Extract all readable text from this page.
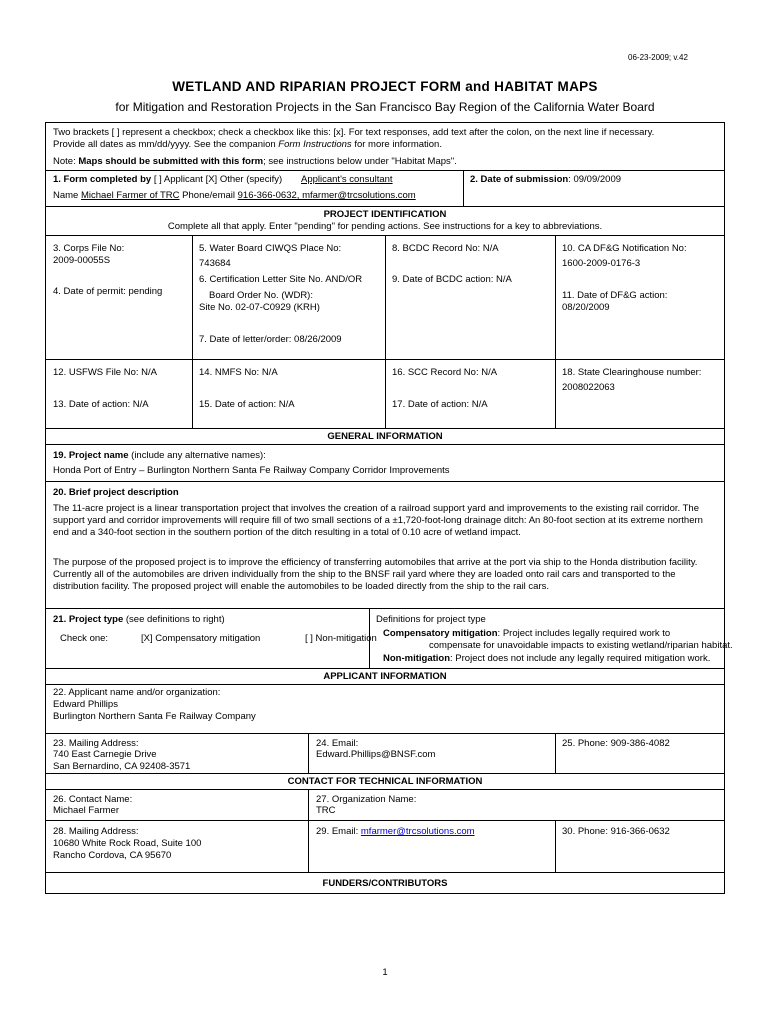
06-23-2009; v.42
WETLAND AND RIPARIAN PROJECT FORM and HABITAT MAPS
for Mitigation and Restoration Projects in the San Francisco Bay Region of the California Water Board
Two brackets [ ] represent a checkbox; check a checkbox like this: [x]. For text responses, add text after the colon, on the next line if necessary.
Provide all dates as mm/dd/yyyy. See the companion Form Instructions for more information.
Note: Maps should be submitted with this form; see instructions below under "Habitat Maps".
1. Form completed by [ ] Applicant [X] Other (specify) Applicant's consultant
Name Michael Farmer of TRC Phone/email 916-366-0632, mfarmer@trcsolutions.com
2. Date of submission: 09/09/2009
PROJECT IDENTIFICATION
Complete all that apply. Enter "pending" for pending actions. See instructions for a key to abbreviations.
3. Corps File No:
2009-00055S
4. Date of permit: pending
5. Water Board CIWQS Place No:
743684
6. Certification Letter Site No. AND/OR
Board Order No. (WDR):
Site No. 02-07-C0929 (KRH)
7. Date of letter/order: 08/26/2009
8. BCDC Record No: N/A
9. Date of BCDC action: N/A
10. CA DF&G Notification No:
1600-2009-0176-3
11. Date of DF&G action:
08/20/2009
12. USFWS File No: N/A
13. Date of action: N/A
14. NMFS No: N/A
15. Date of action: N/A
16. SCC Record No: N/A
17. Date of action: N/A
18. State Clearinghouse number:
2008022063
GENERAL INFORMATION
19. Project name (include any alternative names):
Honda Port of Entry – Burlington Northern Santa Fe Railway Company Corridor Improvements
20. Brief project description
The 11-acre project is a linear transportation project that involves the creation of a railroad support yard and improvements to the existing rail corridor. The support yard and corridor improvements will require fill of two small sections of a ±1,720-foot-long drainage ditch: An 80-foot section at its extreme northern end and a 340-foot section in the southern portion of the ditch resulting in a total of 0.10 acre of wetland impact.
The purpose of the proposed project is to improve the efficiency of transferring automobiles that arrive at the port via ship to the Honda distribution facility. Currently all of the automobiles are driven individually from the ship to the BNSF rail yard where they are loaded onto rail cars and transported to the distribution facility. The proposed project will enable the automobiles to be loaded directly from the ship to the rail cars.
21. Project type (see definitions to right)
Check one:	[X] Compensatory mitigation	[ ] Non-mitigation
Definitions for project type
Compensatory mitigation: Project includes legally required work to
compensate for unavoidable impacts to existing wetland/riparian habitat.
Non-mitigation: Project does not include any legally required mitigation work.
APPLICANT INFORMATION
22. Applicant name and/or organization:
Edward Phillips
Burlington Northern Santa Fe Railway Company
23. Mailing Address:
740 East Carnegie Drive
San Bernardino, CA 92408-3571
24. Email:
Edward.Phillips@BNSF.com
25. Phone: 909-386-4082
CONTACT FOR TECHNICAL INFORMATION
26. Contact Name:
Michael Farmer
27. Organization Name:
TRC
28. Mailing Address:
10680 White Rock Road, Suite 100
Rancho Cordova, CA 95670
29. Email: mfarmer@trcsolutions.com	30. Phone: 916-366-0632
FUNDERS/CONTRIBUTORS
1
